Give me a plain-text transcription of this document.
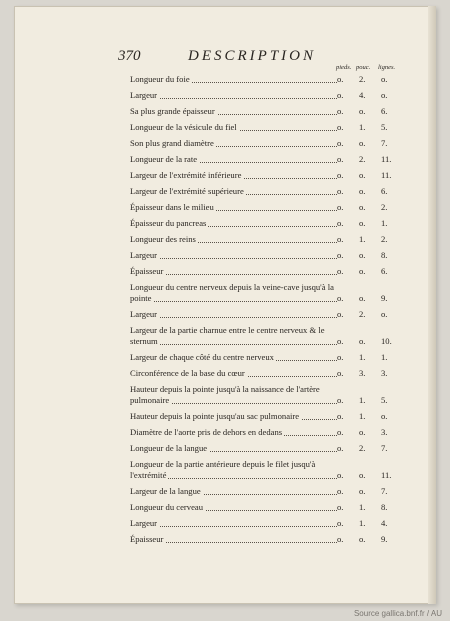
370	DESCRIPTION
pieds. pouc. lignes.
Longueur du foie	o. 2. o.
Largeur	o. 4. o.
Sa plus grande épaisseur	o. o. 6.
Longueur de la vésicule du fiel	o. 1. 5.
Son plus grand diamètre	o. o. 7.
Longueur de la rate	o. 2. 11.
Largeur de l'extrémité inférieure	o. o. 11.
Largeur de l'extrémité supérieure	o. o. 6.
Épaisseur dans le milieu	o. o. 2.
Épaisseur du pancreas	o. o. 1.
Longueur des reins	o. 1. 2.
Largeur	o. o. 8.
Épaisseur	o. o. 6.
Longueur du centre nerveux depuis la veine-cave jusqu'à la pointe	o. o. 9.
Largeur	o. 2. o.
Largeur de la partie charnue entre le centre nerveux & le sternum	o. o. 10.
Largeur de chaque côté du centre nerveux	o. 1. 1.
Circonférence de la base du cœur	o. 3. 3.
Hauteur depuis la pointe jusqu'à la naissance de l'artère pulmonaire	o. 1. 5.
Hauteur depuis la pointe jusqu'au sac pulmonaire	o. 1. o.
Diamètre de l'aorte pris de dehors en dedans	o. o. 3.
Longueur de la langue	o. 2. 7.
Longueur de la partie antérieure depuis le filet jusqu'à l'extrémité	o. o. 11.
Largeur de la langue	o. o. 7.
Longueur du cerveau	o. 1. 8.
Largeur	o. 1. 4.
Épaisseur	o. o. 9.
Source gallica.bnf.fr / AU
